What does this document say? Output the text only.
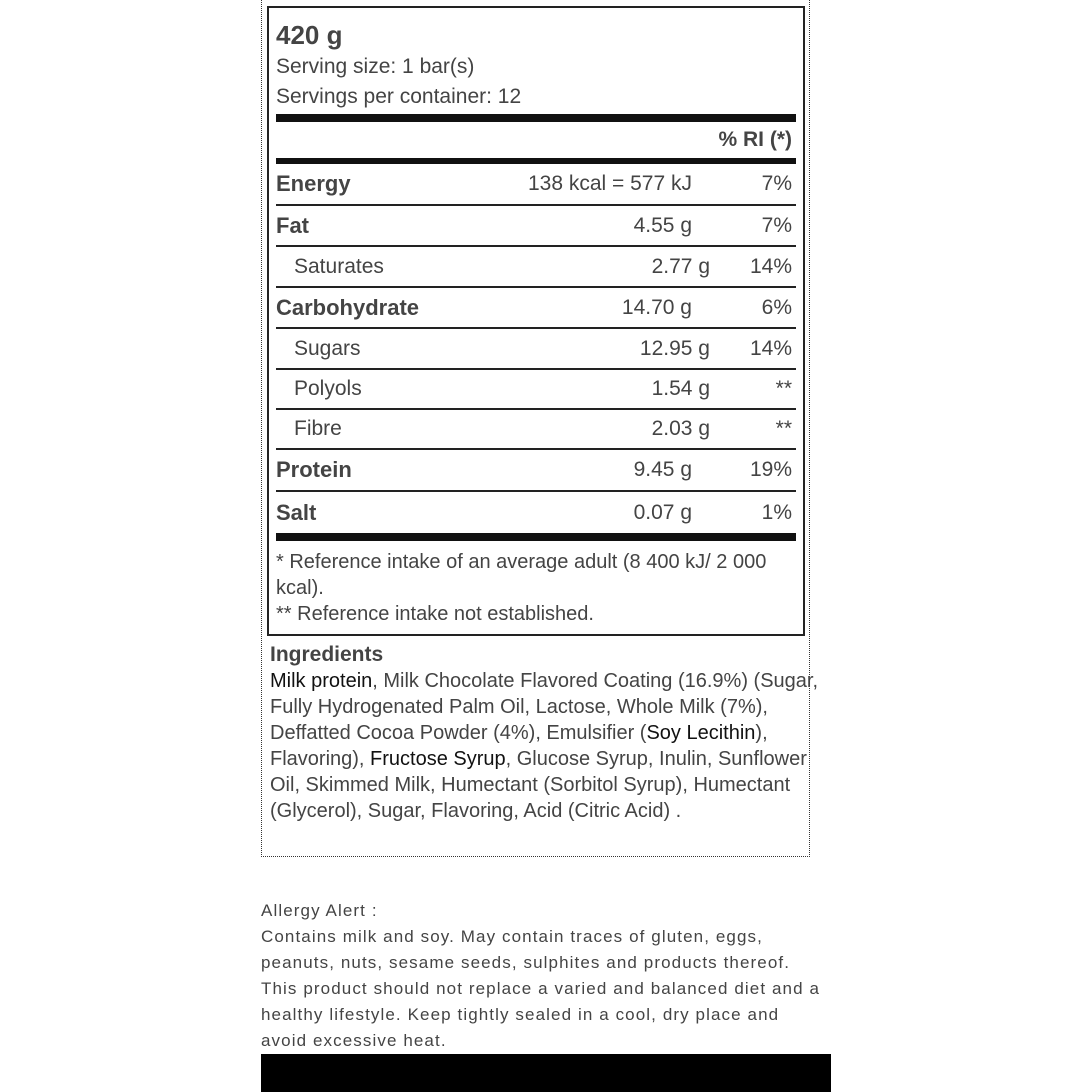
420 g

Serving size: 1 bar(s)

Servings per container: 12

% RI (*)
Energy	138 kcal = 577 kJ	7%
Fat	4.55 g	7%
Saturates	2.77 g	14%
Carbohydrate	14.70 g	6%
Sugars	12.95 g	14%
Polyols	1.54 g	**
Fibre	2.03 g	**
Protein	9.45 g	19%
Salt	0.07 g	1%
* Reference intake of an average adult (8 400 kJ/ 2 000 kcal).
** Reference intake not established.
Ingredients
Milk protein, Milk Chocolate Flavored Coating (16.9%) (Sugar, Fully Hydrogenated Palm Oil, Lactose, Whole Milk (7%), Deffatted Cocoa Powder (4%), Emulsifier (Soy Lecithin), Flavoring), Fructose Syrup, Glucose Syrup, Inulin, Sunflower Oil, Skimmed Milk, Humectant (Sorbitol Syrup), Humectant (Glycerol), Sugar, Flavoring, Acid (Citric Acid) .
Allergy Alert :
Contains milk and soy. May contain traces of gluten, eggs, peanuts, nuts, sesame seeds, sulphites and products thereof. This product should not replace a varied and balanced diet and a healthy lifestyle. Keep tightly sealed in a cool, dry place and avoid excessive heat.
